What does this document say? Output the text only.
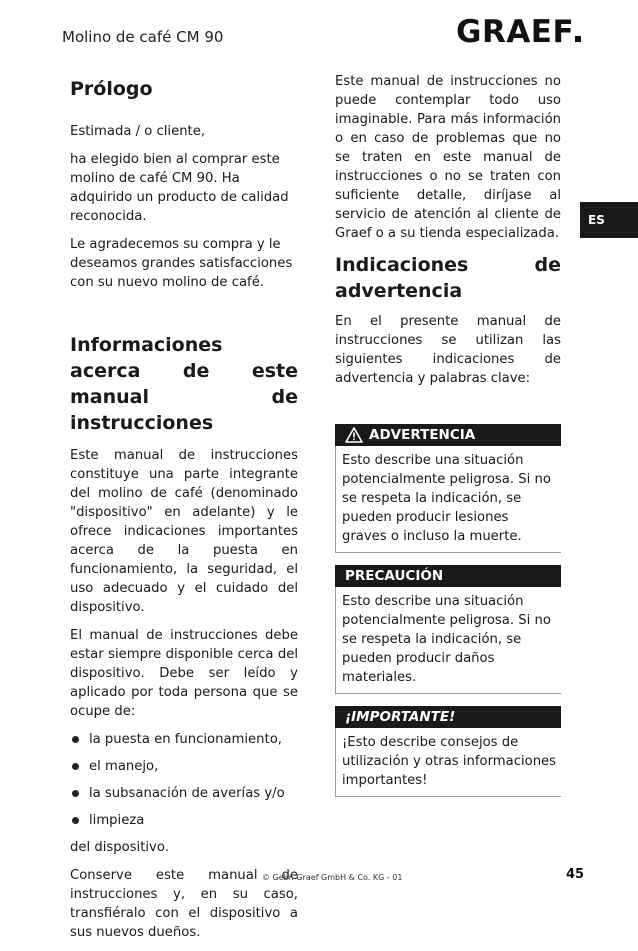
Molino de café CM 90	GRAEF
ES
Prólogo

Estimada / o cliente,

ha elegido bien al comprar este molino de café CM 90. Ha adquirido un producto de calidad reconocida.

Le agradecemos su compra y le deseamos grandes satisfacciones con su nuevo molino de café.

Informaciones acerca de este manual de instrucciones

Este manual de instrucciones constituye una parte integrante del molino de café (denominado "dispositivo" en adelante) y le ofrece indicaciones importantes acerca de la puesta en funcionamiento, la seguridad, el uso adecuado y el cuidado del dispositivo.

El manual de instrucciones debe estar siempre disponible cerca del dispositivo. Debe ser leído y aplicado por toda persona que se ocupe de:

la puesta en funcionamiento,
el manejo,
la subsanación de averías y/o
limpieza

del dispositivo.

Conserve este manual de instrucciones y, en su caso, transfiéralo con el dispositivo a sus nuevos dueños.

Este manual de instrucciones no puede contemplar todo uso imaginable. Para más información o en caso de problemas que no se traten en este manual de instrucciones o no se traten con suficiente detalle, diríjase al servicio de atención al cliente de Graef o a su tienda especializada.

Indicaciones de advertencia

En el presente manual de instrucciones se utilizan las siguientes indicaciones de advertencia y palabras clave:

ADVERTENCIA

Esto describe una situación potencialmente peligrosa. Si no se respeta la indicación, se pueden producir lesiones graves o incluso la muerte.

PRECAUCIÓN

Esto describe una situación potencialmente peligrosa. Si no se respeta la indicación, se pueden producir daños materiales.

¡IMPORTANTE!

¡Esto describe consejos de utilización y otras informaciones importantes!

© Gebr. Graef GmbH & Co. KG - 01	45
